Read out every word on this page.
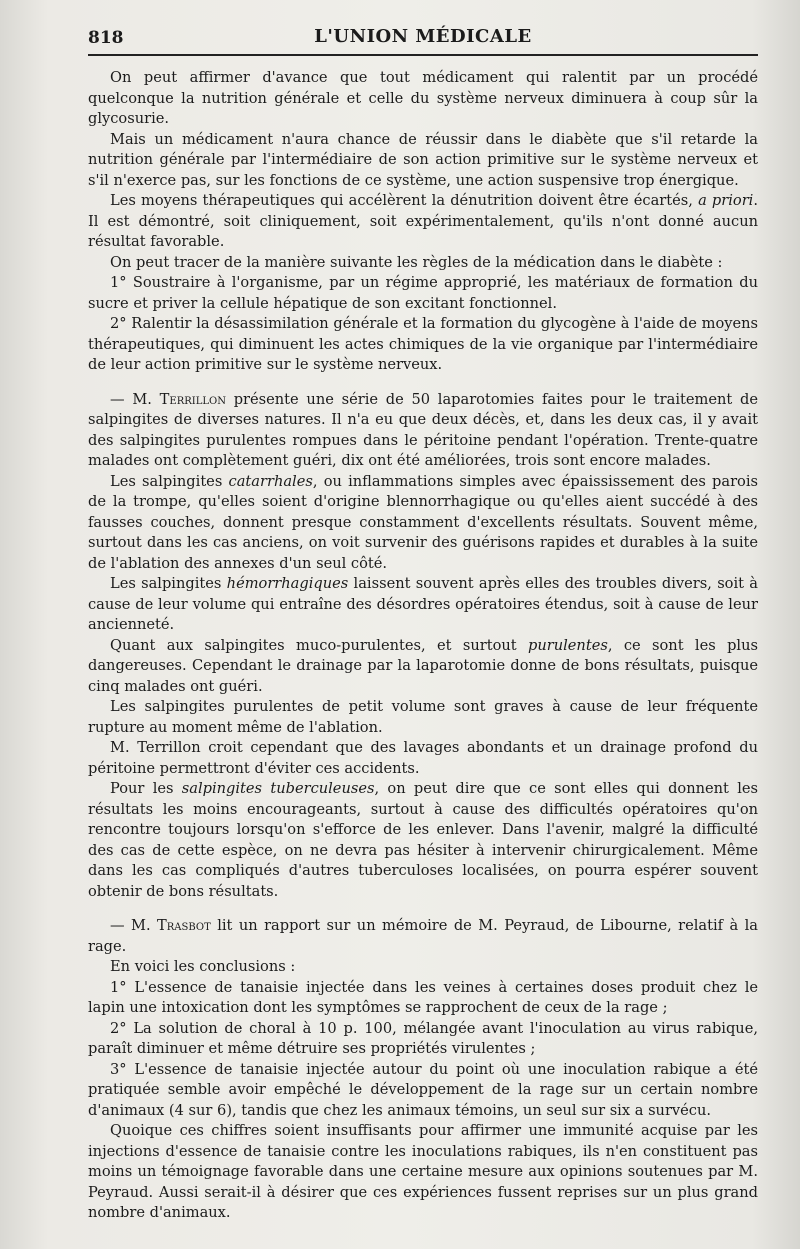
818	L'UNION MÉDICALE

On peut affirmer d'avance que tout médicament qui ralentit par un procédé quelconque la nutrition générale et celle du système nerveux diminuera à coup sûr la glycosurie.

Mais un médicament n'aura chance de réussir dans le diabète que s'il retarde la nutrition générale par l'intermédiaire de son action primitive sur le système nerveux et s'il n'exerce pas, sur les fonctions de ce système, une action suspensive trop énergique.

Les moyens thérapeutiques qui accélèrent la dénutrition doivent être écartés, a priori. Il est démontré, soit cliniquement, soit expérimentalement, qu'ils n'ont donné aucun résultat favorable.

On peut tracer de la manière suivante les règles de la médication dans le diabète :

1° Soustraire à l'organisme, par un régime approprié, les matériaux de formation du sucre et priver la cellule hépatique de son excitant fonctionnel.

2° Ralentir la désassimilation générale et la formation du glycogène à l'aide de moyens thérapeutiques, qui diminuent les actes chimiques de la vie organique par l'intermédiaire de leur action primitive sur le système nerveux.

— M. Terrillon présente une série de 50 laparotomies faites pour le traitement de salpingites de diverses natures. Il n'a eu que deux décès, et, dans les deux cas, il y avait des salpingites purulentes rompues dans le péritoine pendant l'opération. Trente-quatre malades ont complètement guéri, dix ont été améliorées, trois sont encore malades.

Les salpingites catarrhales, ou inflammations simples avec épaississement des parois de la trompe, qu'elles soient d'origine blennorrhagique ou qu'elles aient succédé à des fausses couches, donnent presque constamment d'excellents résultats. Souvent même, surtout dans les cas anciens, on voit survenir des guérisons rapides et durables à la suite de l'ablation des annexes d'un seul côté.

Les salpingites hémorrhagiques laissent souvent après elles des troubles divers, soit à cause de leur volume qui entraîne des désordres opératoires étendus, soit à cause de leur ancienneté.

Quant aux salpingites muco-purulentes, et surtout purulentes, ce sont les plus dangereuses. Cependant le drainage par la laparotomie donne de bons résultats, puisque cinq malades ont guéri.

Les salpingites purulentes de petit volume sont graves à cause de leur fréquente rupture au moment même de l'ablation.

M. Terrillon croit cependant que des lavages abondants et un drainage profond du péritoine permettront d'éviter ces accidents.

Pour les salpingites tuberculeuses, on peut dire que ce sont elles qui donnent les résultats les moins encourageants, surtout à cause des difficultés opératoires qu'on rencontre toujours lorsqu'on s'efforce de les enlever. Dans l'avenir, malgré la difficulté des cas de cette espèce, on ne devra pas hésiter à intervenir chirurgicalement. Même dans les cas compliqués d'autres tuberculoses localisées, on pourra espérer souvent obtenir de bons résultats.

— M. Trasbot lit un rapport sur un mémoire de M. Peyraud, de Libourne, relatif à la rage.

En voici les conclusions :

1° L'essence de tanaisie injectée dans les veines à certaines doses produit chez le lapin une intoxication dont les symptômes se rapprochent de ceux de la rage ;

2° La solution de choral à 10 p. 100, mélangée avant l'inoculation au virus rabique, paraît diminuer et même détruire ses propriétés virulentes ;

3° L'essence de tanaisie injectée autour du point où une inoculation rabique a été pratiquée semble avoir empêché le développement de la rage sur un certain nombre d'animaux (4 sur 6), tandis que chez les animaux témoins, un seul sur six a survécu.

Quoique ces chiffres soient insuffisants pour affirmer une immunité acquise par les injections d'essence de tanaisie contre les inoculations rabiques, ils n'en constituent pas moins un témoignage favorable dans une certaine mesure aux opinions soutenues par M. Peyraud. Aussi serait-il à désirer que ces expériences fussent reprises sur un plus grand nombre d'animaux.
